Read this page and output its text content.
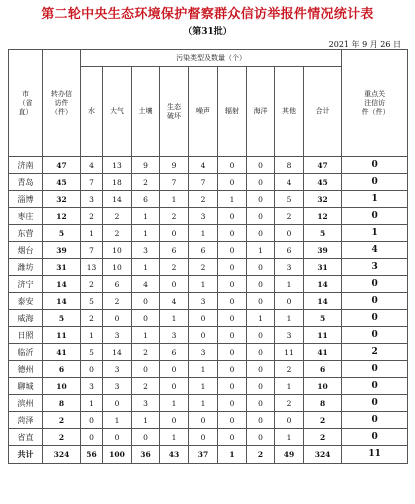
第二轮中央生态环境保护督察群众信访举报件情况统计表
（第31批）
2021 年 9 月 26 日
市（省直）	转办信访件（件）	污染类型及数量（个）									重点关注信访件（件）
		水	大气	土壤	生态破坏	噪声	辐射	海洋	其他	合计	
济南	47	4	13	9	9	4	0	0	8	47	0
青岛	45	7	18	2	7	7	0	0	4	45	0
淄博	32	3	14	6	1	2	1	0	5	32	1
枣庄	12	2	2	1	2	3	0	0	2	12	0
东营	5	1	2	1	0	1	0	0	0	5	1
烟台	39	7	10	3	6	6	0	1	6	39	4
潍坊	31	13	10	1	2	2	0	0	3	31	3
济宁	14	2	6	4	0	1	0	0	1	14	0
泰安	14	5	2	0	4	3	0	0	0	14	0
威海	5	2	0	0	1	0	0	1	1	5	0
日照	11	1	3	1	3	0	0	0	3	11	0
临沂	41	5	14	2	6	3	0	0	11	41	2
德州	6	0	3	0	0	1	0	0	2	6	0
聊城	10	3	3	2	0	1	0	0	1	10	0
滨州	8	1	0	3	1	1	0	0	2	8	0
菏泽	2	0	1	1	0	0	0	0	0	2	0
省直	2	0	0	0	1	0	0	0	1	2	0
共计	324	56	100	36	43	37	1	2	49	324	11
